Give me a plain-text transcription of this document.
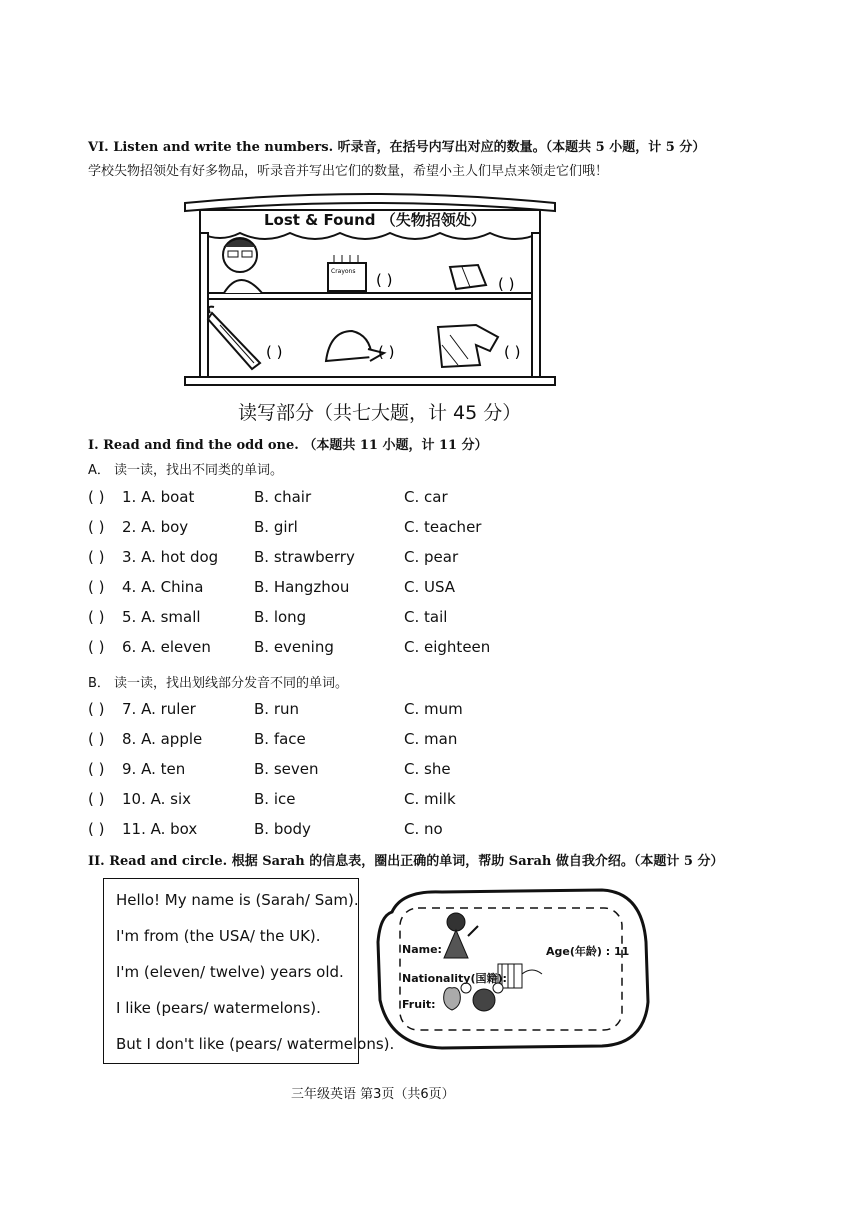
VI. Listen and write the numbers. 听录音，在括号内写出对应的数量。（本题共 5 小题，计 5 分）
学校失物招领处有好多物品，听录音并写出它们的数量，希望小主人们早点来领走它们哦！
Crayons ( )	( )
( )	( )	( )
Lost & Found （失物招领处）
读写部分（共七大题，计 45 分）
I. Read and find the odd one. （本题共 11 小题，计 11 分）
A． 读一读，找出不同类的单词。
( ) 1. A. boat	B. chair	C. car
( ) 2. A. boy	B. girl	C. teacher
( ) 3. A. hot dog B. strawberry	C. pear
( ) 4. A. China	B. Hangzhou	C. USA
( ) 5. A. small	B. long	C. tail
( ) 6. A. eleven	B. evening	C. eighteen
B． 读一读，找出划线部分发音不同的单词。
( ) 7. A. ruler	B. run	C. mum
( ) 8. A. apple	B. face	C. man
( ) 9. A. ten	B. seven	C. she
( ) 10. A. six	B. ice	C. milk
( ) 11. A. box	B. body	C. no
II. Read and circle. 根据 Sarah 的信息表，圈出正确的单词，帮助 Sarah 做自我介绍。（本题计 5 分）
Hello! My name is (Sarah/ Sam).
I'm from (the USA/ the UK).
I'm (eleven/ twelve) years old.
I like (pears/ watermelons).
But I don't like (pears/ watermelons).
Name:	Age(年龄) : 11
Nationality(国籍):
Fruit:
三年级英语 第3页（共6页）
